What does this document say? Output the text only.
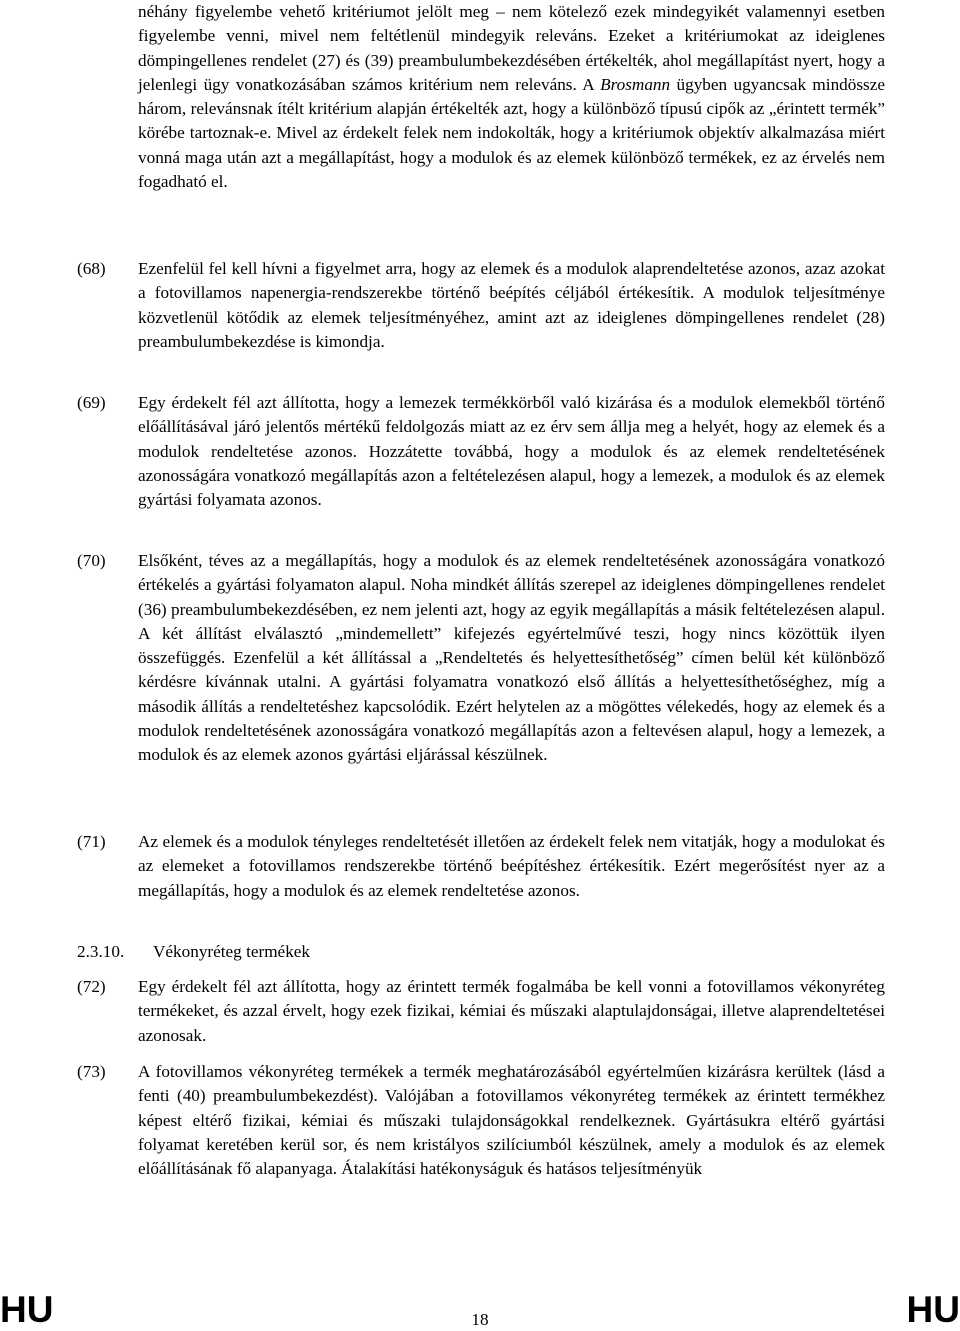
néhány figyelembe vehető kritériumot jelölt meg – nem kötelező ezek mindegyikét valamennyi esetben figyelembe venni, mivel nem feltétlenül mindegyik releváns. Ezeket a kritériumokat az ideiglenes dömpingellenes rendelet (27) és (39) preambulumbekezdésében értékelték, ahol megállapítást nyert, hogy a jelenlegi ügy vonatkozásában számos kritérium nem releváns. A Brosmann ügyben ugyancsak mindössze három, relevánsnak ítélt kritérium alapján értékelték azt, hogy a különböző típusú cipők az „érintett termék” körébe tartoznak-e. Mivel az érdekelt felek nem indokolták, hogy a kritériumok objektív alkalmazása miért vonná maga után azt a megállapítást, hogy a modulok és az elemek különböző termékek, ez az érvelés nem fogadható el.
(68) Ezenfelül fel kell hívni a figyelmet arra, hogy az elemek és a modulok alaprendeltetése azonos, azaz azokat a fotovillamos napenergia-rendszerekbe történő beépítés céljából értékesítik. A modulok teljesítménye közvetlenül kötődik az elemek teljesítményéhez, amint azt az ideiglenes dömpingellenes rendelet (28) preambulumbekezdése is kimondja.
(69) Egy érdekelt fél azt állította, hogy a lemezek termékkörből való kizárása és a modulok elemekből történő előállításával járó jelentős mértékű feldolgozás miatt az ez érv sem állja meg a helyét, hogy az elemek és a modulok rendeltetése azonos. Hozzátette továbbá, hogy a modulok és az elemek rendeltetésének azonosságára vonatkozó megállapítás azon a feltételezésen alapul, hogy a lemezek, a modulok és az elemek gyártási folyamata azonos.
(70) Elsőként, téves az a megállapítás, hogy a modulok és az elemek rendeltetésének azonosságára vonatkozó értékelés a gyártási folyamaton alapul. Noha mindkét állítás szerepel az ideiglenes dömpingellenes rendelet (36) preambulumbekezdésében, ez nem jelenti azt, hogy az egyik megállapítás a másik feltételezésen alapul. A két állítást elválasztó „mindemellett” kifejezés egyértelművé teszi, hogy nincs közöttük ilyen összefüggés. Ezenfelül a két állítással a „Rendeltetés és helyettesíthetőség” címen belül két különböző kérdésre kívánnak utalni. A gyártási folyamatra vonatkozó első állítás a helyettesíthetőséghez, míg a második állítás a rendeltetéshez kapcsolódik. Ezért helytelen az a mögöttes vélekedés, hogy az elemek és a modulok rendeltetésének azonosságára vonatkozó megállapítás azon a feltevésen alapul, hogy a lemezek, a modulok és az elemek azonos gyártási eljárással készülnek.
(71) Az elemek és a modulok tényleges rendeltetését illetően az érdekelt felek nem vitatják, hogy a modulokat és az elemeket a fotovillamos rendszerekbe történő beépítéshez értékesítik. Ezért megerősítést nyer az a megállapítás, hogy a modulok és az elemek rendeltetése azonos.
2.3.10. Vékonyréteg termékek
(72) Egy érdekelt fél azt állította, hogy az érintett termék fogalmába be kell vonni a fotovillamos vékonyréteg termékeket, és azzal érvelt, hogy ezek fizikai, kémiai és műszaki alaptulajdonságai, illetve alaprendeltetései azonosak.
(73) A fotovillamos vékonyréteg termékek a termék meghatározásából egyértelműen kizárásra kerültek (lásd a fenti (40) preambulumbekezdést). Valójában a fotovillamos vékonyréteg termékek az érintett termékhez képest eltérő fizikai, kémiai és műszaki tulajdonságokkal rendelkeznek. Gyártásukra eltérő gyártási folyamat keretében kerül sor, és nem kristályos szilíciumból készülnek, amely a modulok és az elemek előállításának fő alapanyaga. Átalakítási hatékonyságuk és hatásos teljesítményük
HU	18	HU
